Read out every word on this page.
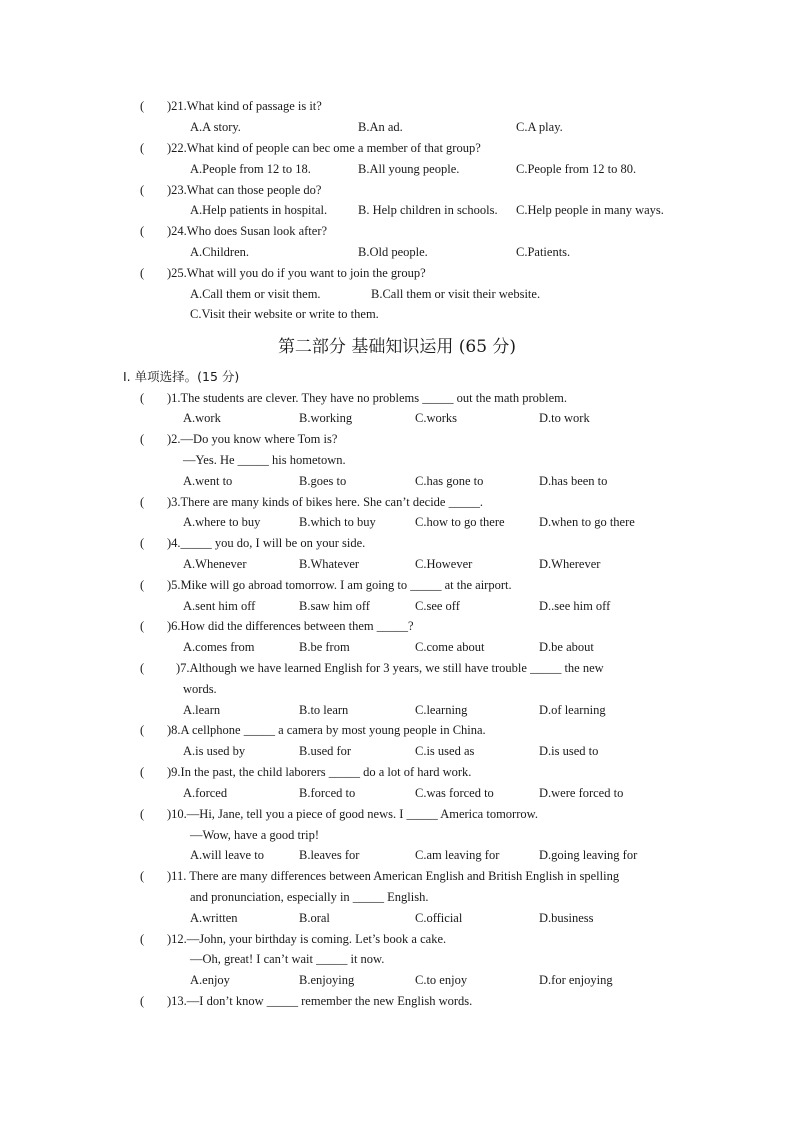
( )21.What kind of passage is it?
A.A story.	B.An ad.	C.A play.
( )22.What kind of people can bec ome a member of that group?
A.People from 12 to 18.	B.All young people.	C.People from 12 to 80.
( )23.What can those people do?
A.Help patients in hospital. B. Help children in schools. C.Help people in many ways.
( )24.Who does Susan look after?
A.Children.	B.Old people.	C.Patients.
( )25.What will you do if you want to join the group?
A.Call them or visit them.	B.Call them or visit their website.
C.Visit their website or write to them.
第二部分 基础知识运用 (65 分)
Ⅰ. 单项选择。(15 分)
( )1.The students are clever. They have no problems _____ out the math problem.
A.work	B.working	C.works	D.to work
( )2.—Do you know where Tom is?
—Yes. He _____ his hometown.
A.went to	B.goes to	C.has gone to	D.has been to
( )3.There are many kinds of bikes here. She can’t decide _____.
A.where to buy	B.which to buy	C.how to go there	D.when to go there
( )4._____ you do, I will be on your side.
A.Whenever	B.Whatever	C.However	D.Wherever
( )5.Mike will go abroad tomorrow. I am going to _____ at the airport.
A.sent him off	B.saw him off	C.see off	D..see him off
( )6.How did the differences between them _____?
A.comes from	B.be from	C.come about	D.be about
(	)7.Although we have learned English for 3 years, we still have trouble _____ the new
words.
A.learn	B.to learn	C.learning	D.of learning
( )8.A cellphone _____ a camera by most young people in China.
A.is used by	B.used for	C.is used as	D.is used to
( )9.In the past, the child laborers _____ do a lot of hard work.
A.forced	B.forced to	C.was forced to	D.were forced to
( )10.—Hi, Jane, tell you a piece of good news. I _____ America tomorrow.
—Wow, have a good trip!
A.will leave to	B.leaves for	C.am leaving for	D.going leaving for
( )11. There are many differences between American English and British English in spelling
and pronunciation, especially in _____ English.
A.written	B.oral	C.official	D.business
( )12.—John, your birthday is coming. Let’s book a cake.
—Oh, great! I can’t wait _____ it now.
A.enjoy	B.enjoying	C.to enjoy	D.for enjoying
( )13.—I don’t know _____ remember the new English words.
